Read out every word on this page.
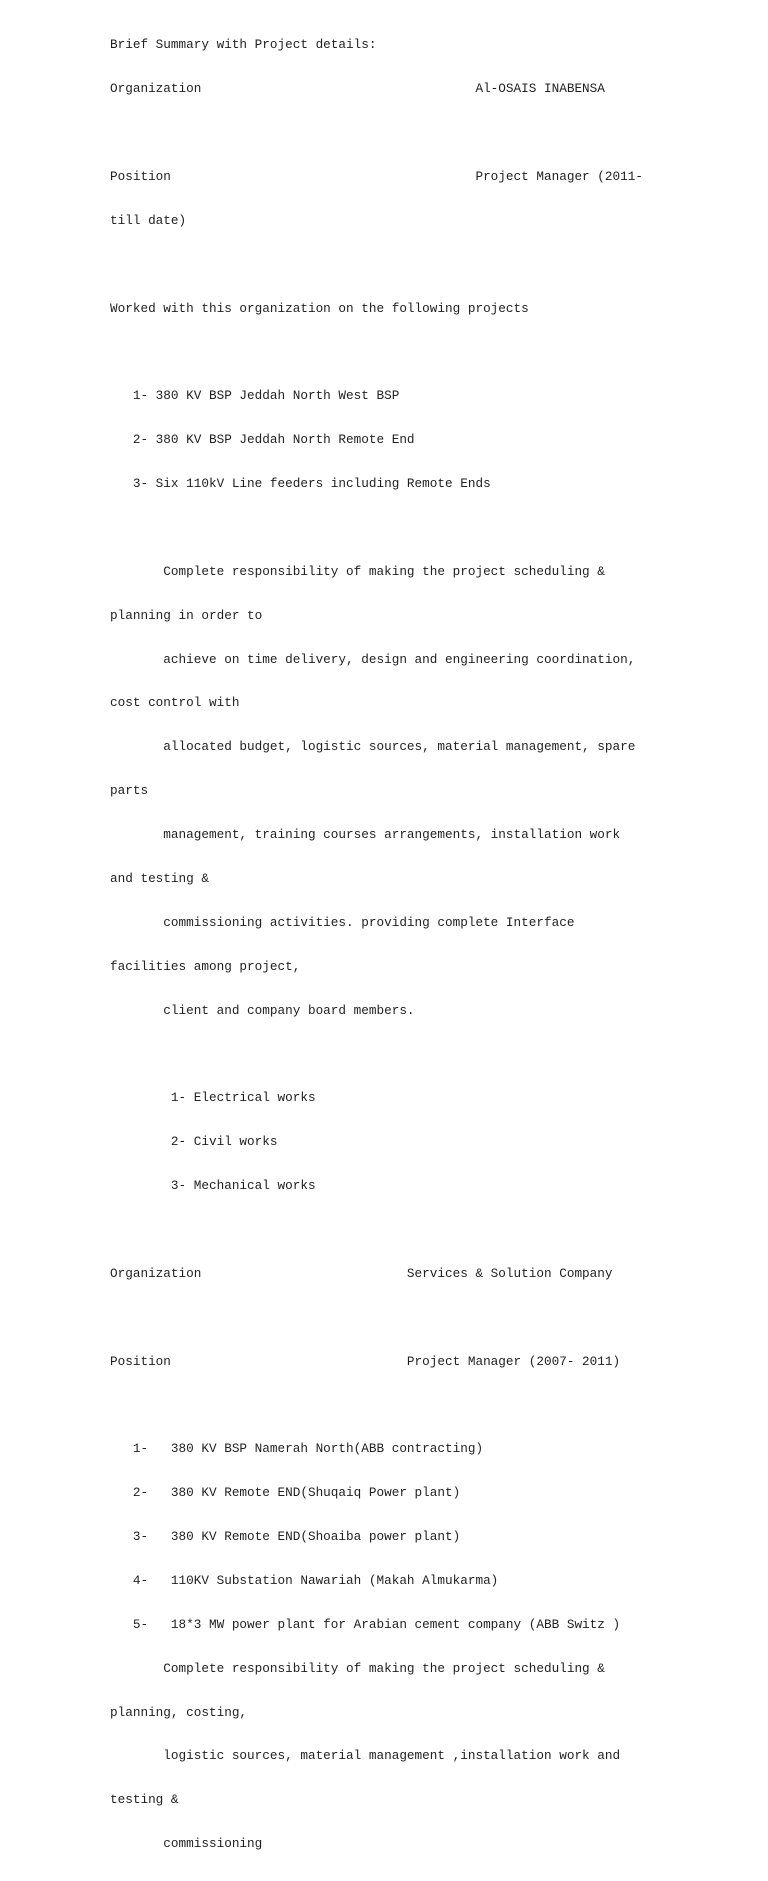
Brief Summary with Project details:

Organization                                    Al-OSAIS INABENSA

Position                                        Project Manager (2011-

till date)

Worked with this organization on the following projects

1- 380 KV BSP Jeddah North West BSP

2- 380 KV BSP Jeddah North Remote End

3- Six 110kV Line feeders including Remote Ends

Complete responsibility of making the project scheduling &

planning in order to

achieve on time delivery, design and engineering coordination,

cost control with

allocated budget, logistic sources, material management, spare

parts

management, training courses arrangements, installation work

and testing &

commissioning activities. providing complete Interface

facilities among project,

client and company board members.

1- Electrical works

2- Civil works

3- Mechanical works

Organization                           Services & Solution Company

Position                               Project Manager (2007- 2011)

1-   380 KV BSP Namerah North(ABB contracting)

2-   380 KV Remote END(Shuqaiq Power plant)

3-   380 KV Remote END(Shoaiba power plant)

4-   110KV Substation Nawariah (Makah Almukarma)

5-   18*3 MW power plant for Arabian cement company (ABB Switz )

Complete responsibility of making the project scheduling &

planning, costing,

logistic sources, material management ,installation work and

testing &

commissioning
